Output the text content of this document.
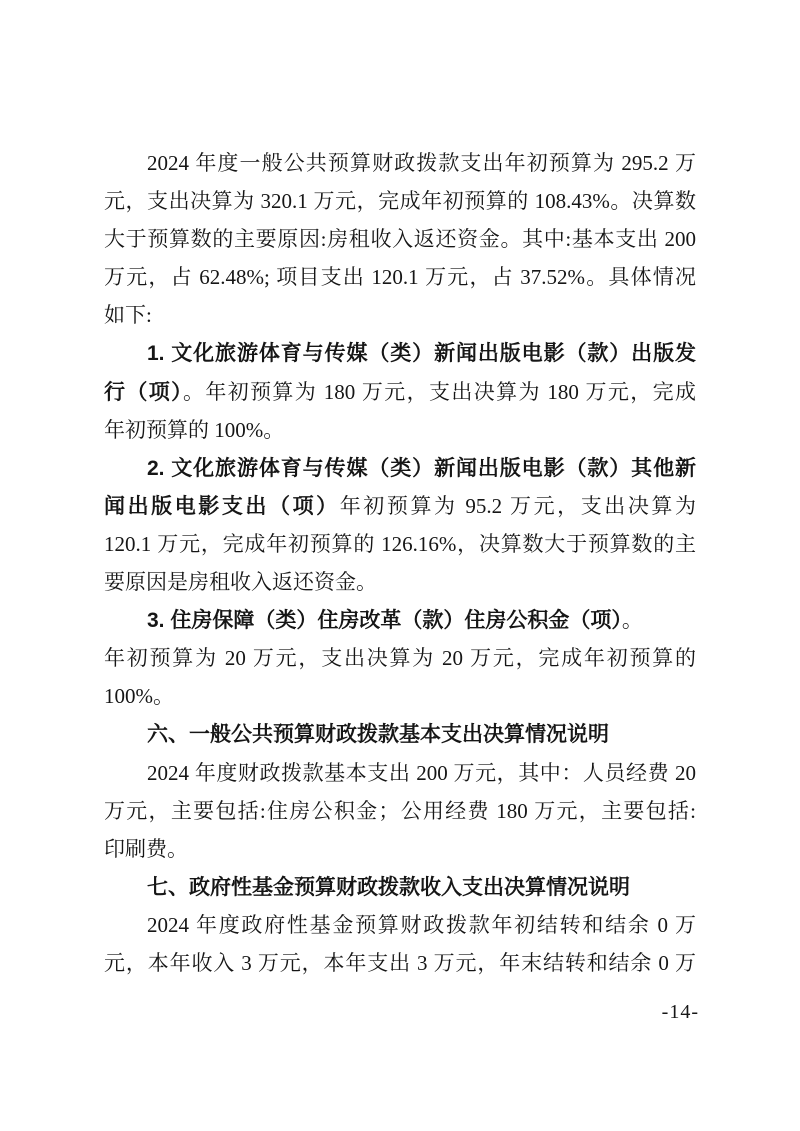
2024 年度一般公共预算财政拨款支出年初预算为 295.2 万
元，支出决算为 320.1 万元，完成年初预算的 108.43%。决算数
大于预算数的主要原因:房租收入返还资金。其中:基本支出 200
万元，占 62.48%; 项目支出 120.1 万元，占 37.52%。具体情况
如下:
1. 文化旅游体育与传媒（类）新闻出版电影（款）出版发
行（项）。年初预算为 180 万元，支出决算为 180 万元，完成
年初预算的 100%。
2. 文化旅游体育与传媒（类）新闻出版电影（款）其他新
闻出版电影支出（项）年初预算为 95.2 万元，支出决算为
120.1 万元，完成年初预算的 126.16%，决算数大于预算数的主
要原因是房租收入返还资金。
3. 住房保障（类）住房改革（款）住房公积金（项）。
年初预算为 20 万元，支出决算为 20 万元，完成年初预算的
100%。
六、一般公共预算财政拨款基本支出决算情况说明
2024 年度财政拨款基本支出 200 万元，其中：人员经费 20
万元，主要包括:住房公积金；公用经费 180 万元，主要包括:
印刷费。
七、政府性基金预算财政拨款收入支出决算情况说明
2024 年度政府性基金预算财政拨款年初结转和结余 0 万
元，本年收入 3 万元，本年支出 3 万元，年末结转和结余 0 万
-14-
